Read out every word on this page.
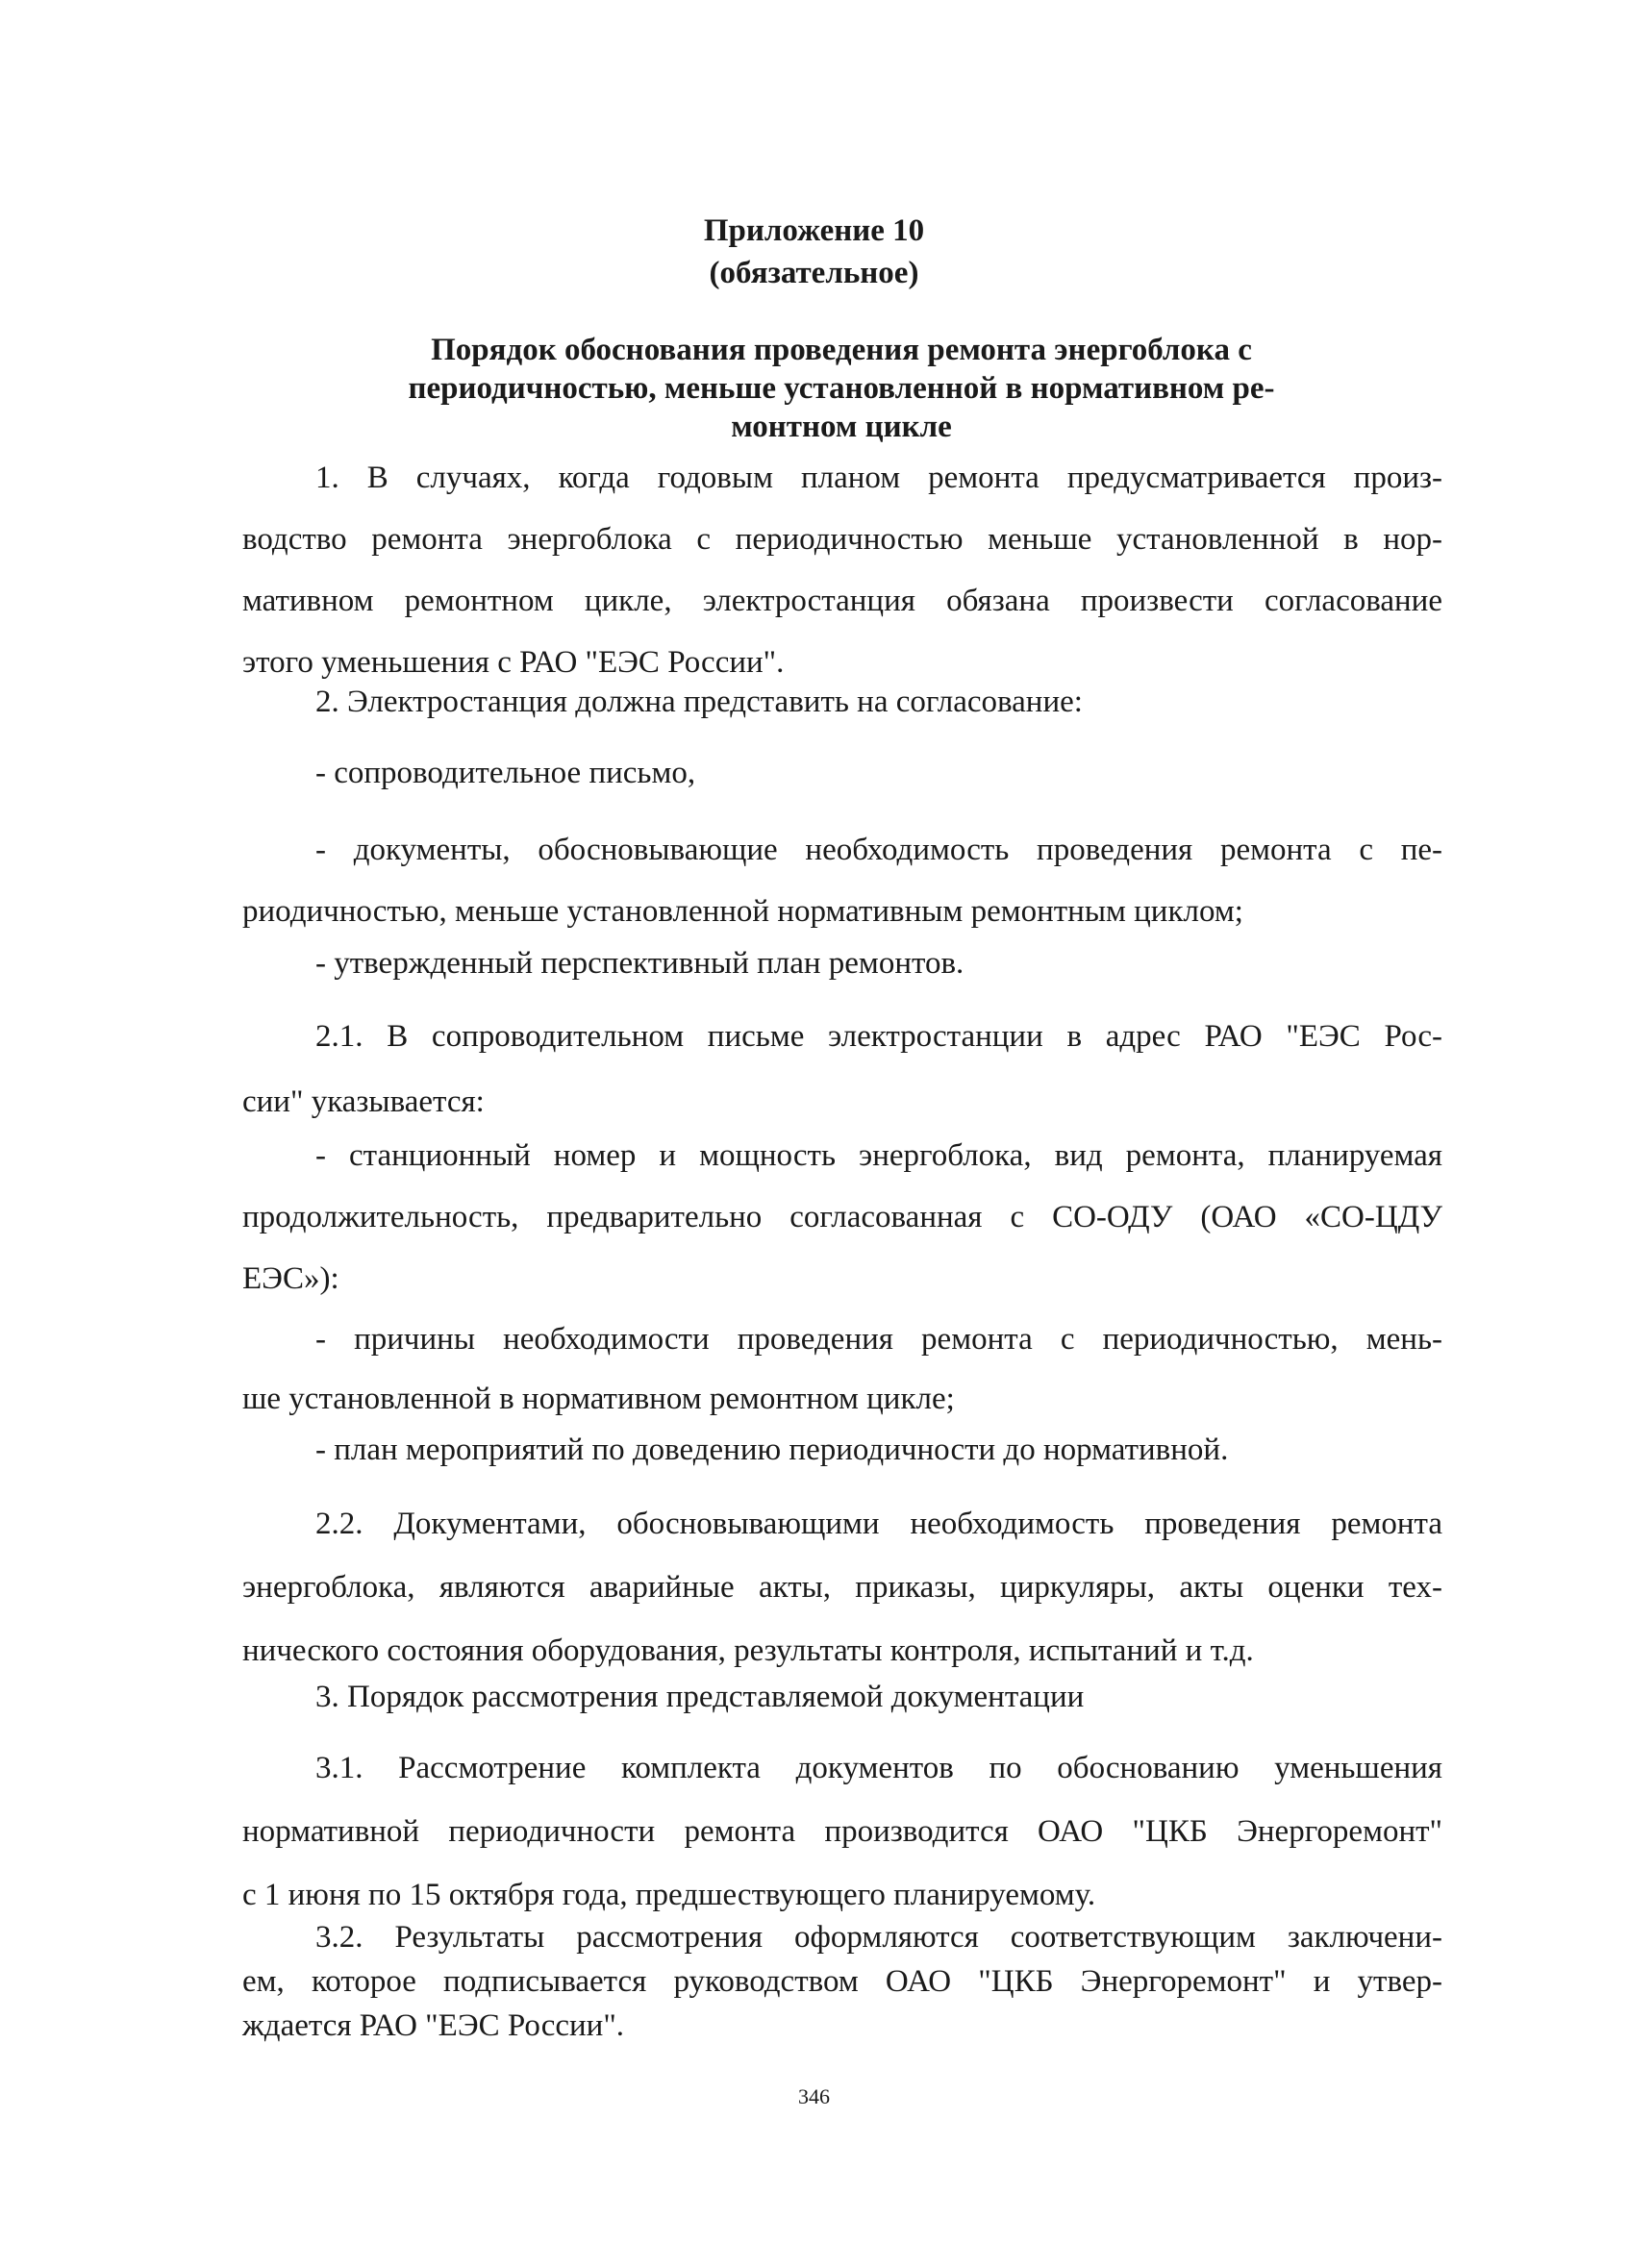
Приложение 10

(обязательное)

Порядок обоснования проведения ремонта энергоблока с
периодичностью, меньше установленной в нормативном ре-
монтном цикле
1. В случаях, когда годовым планом ремонта предусматривается произ-
водство ремонта энергоблока с периодичностью меньше установленной в нор-
мативном ремонтном цикле, электростанция обязана произвести согласование
этого уменьшения с РАО "ЕЭС России".
2. Электростанция должна представить на согласование:
- сопроводительное письмо,
- документы, обосновывающие необходимость проведения ремонта с пе-
риодичностью, меньше установленной нормативным ремонтным циклом;
- утвержденный перспективный план ремонтов.
2.1. В сопроводительном письме электростанции в адрес РАО "ЕЭС Рос-
сии" указывается:
- станционный номер и мощность энергоблока, вид ремонта, планируемая
продолжительность, предварительно согласованная с СО-ОДУ (ОАО «СО-ЦДУ
ЕЭС»):
- причины необходимости проведения ремонта с периодичностью, мень-
ше установленной в нормативном ремонтном цикле;
- план мероприятий по доведению периодичности до нормативной.
2.2. Документами, обосновывающими необходимость проведения ремонта
энергоблока, являются аварийные акты, приказы, циркуляры, акты оценки тех-
нического состояния оборудования, результаты контроля, испытаний и т.д.
3. Порядок рассмотрения представляемой документации
3.1. Рассмотрение комплекта документов по обоснованию уменьшения
нормативной периодичности ремонта производится ОАО "ЦКБ Энергоремонт"
с 1 июня по 15 октября года, предшествующего планируемому.
3.2. Результаты рассмотрения оформляются соответствующим заключени-
ем, которое подписывается руководством ОАО "ЦКБ Энергоремонт" и утвер-
ждается РАО "ЕЭС России".

346
